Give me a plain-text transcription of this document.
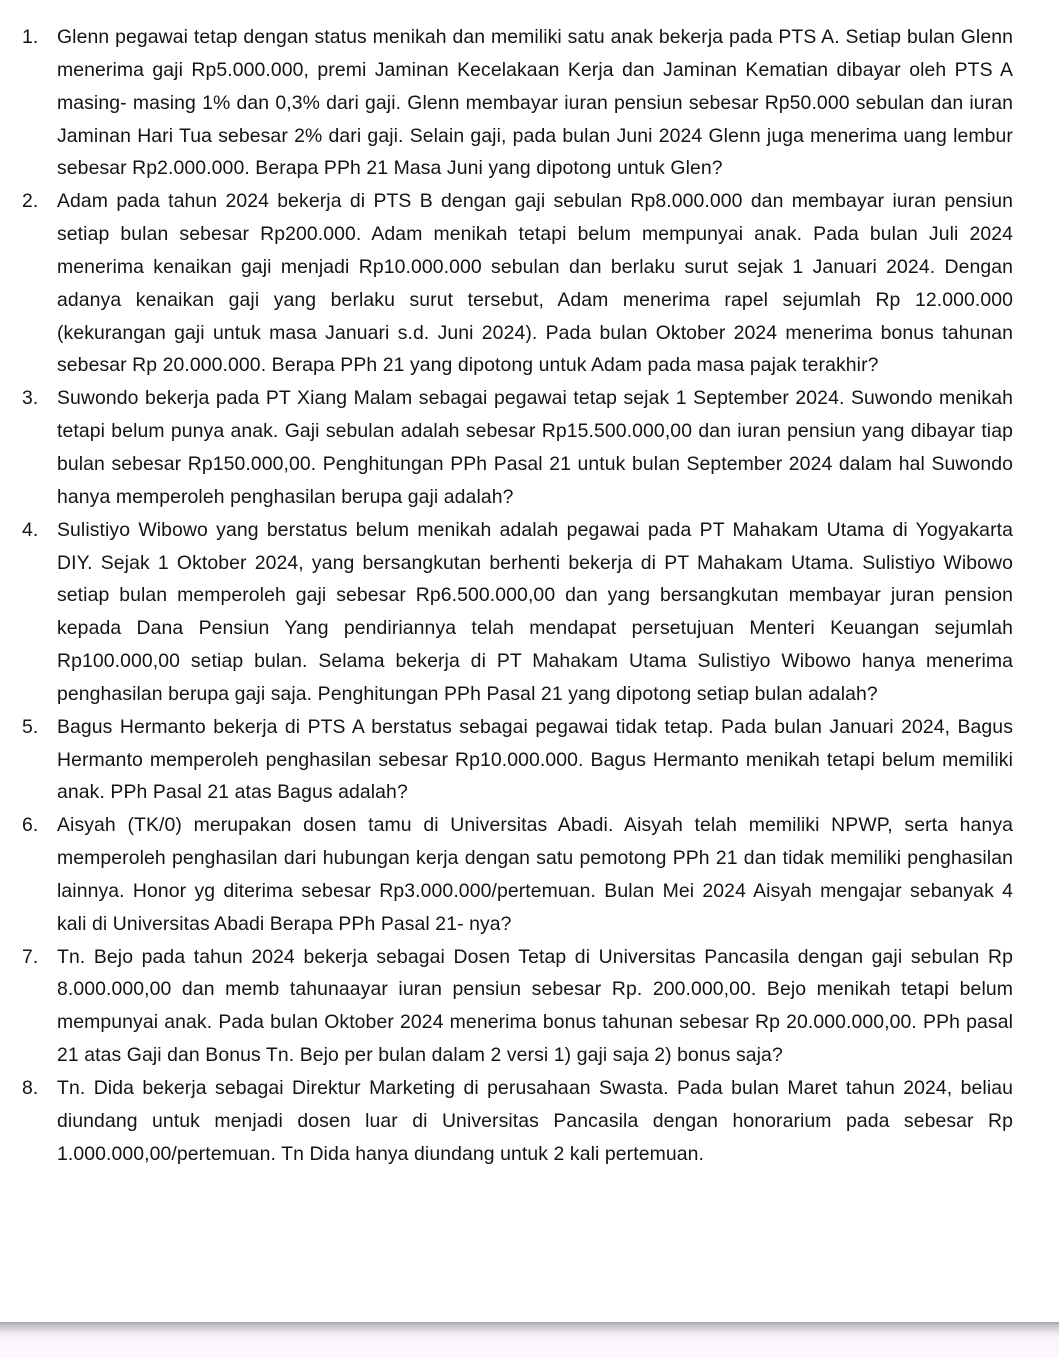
1. Glenn pegawai tetap dengan status menikah dan memiliki satu anak bekerja pada PTS A. Setiap bulan Glenn menerima gaji Rp5.000.000, premi Jaminan Kecelakaan Kerja dan Jaminan Kematian dibayar oleh PTS A masing- masing 1% dan 0,3% dari gaji. Glenn membayar iuran pensiun sebesar Rp50.000 sebulan dan iuran Jaminan Hari Tua sebesar 2% dari gaji. Selain gaji, pada bulan Juni 2024 Glenn juga menerima uang lembur sebesar Rp2.000.000. Berapa PPh 21 Masa Juni yang dipotong untuk Glen?
2. Adam pada tahun 2024 bekerja di PTS B dengan gaji sebulan Rp8.000.000 dan membayar iuran pensiun setiap bulan sebesar Rp200.000. Adam menikah tetapi belum mempunyai anak. Pada bulan Juli 2024 menerima kenaikan gaji menjadi Rp10.000.000 sebulan dan berlaku surut sejak 1 Januari 2024. Dengan adanya kenaikan gaji yang berlaku surut tersebut, Adam menerima rapel sejumlah Rp 12.000.000 (kekurangan gaji untuk masa Januari s.d. Juni 2024). Pada bulan Oktober 2024 menerima bonus tahunan sebesar Rp 20.000.000. Berapa PPh 21 yang dipotong untuk Adam pada masa pajak terakhir?
3. Suwondo bekerja pada PT Xiang Malam sebagai pegawai tetap sejak 1 September 2024. Suwondo menikah tetapi belum punya anak. Gaji sebulan adalah sebesar Rp15.500.000,00 dan iuran pensiun yang dibayar tiap bulan sebesar Rp150.000,00. Penghitungan PPh Pasal 21 untuk bulan September 2024 dalam hal Suwondo hanya memperoleh penghasilan berupa gaji adalah?
4. Sulistiyo Wibowo yang berstatus belum menikah adalah pegawai pada PT Mahakam Utama di Yogyakarta DIY. Sejak 1 Oktober 2024, yang bersangkutan berhenti bekerja di PT Mahakam Utama. Sulistiyo Wibowo setiap bulan memperoleh gaji sebesar Rp6.500.000,00 dan yang bersangkutan membayar juran pension kepada Dana Pensiun Yang pendiriannya telah mendapat persetujuan Menteri Keuangan sejumlah Rp100.000,00 setiap bulan. Selama bekerja di PT Mahakam Utama Sulistiyo Wibowo hanya menerima penghasilan berupa gaji saja. Penghitungan PPh Pasal 21 yang dipotong setiap bulan adalah?
5. Bagus Hermanto bekerja di PTS A berstatus sebagai pegawai tidak tetap. Pada bulan Januari 2024, Bagus Hermanto memperoleh penghasilan sebesar Rp10.000.000. Bagus Hermanto menikah tetapi belum memiliki anak. PPh Pasal 21 atas Bagus adalah?
6. Aisyah (TK/0) merupakan dosen tamu di Universitas Abadi. Aisyah telah memiliki NPWP, serta hanya memperoleh penghasilan dari hubungan kerja dengan satu pemotong PPh 21 dan tidak memiliki penghasilan lainnya. Honor yg diterima sebesar Rp3.000.000/pertemuan. Bulan Mei 2024 Aisyah mengajar sebanyak 4 kali di Universitas Abadi Berapa PPh Pasal 21- nya?
7. Tn. Bejo pada tahun 2024 bekerja sebagai Dosen Tetap di Universitas Pancasila dengan gaji sebulan Rp 8.000.000,00 dan memb tahunaayar iuran pensiun sebesar Rp. 200.000,00. Bejo menikah tetapi belum mempunyai anak. Pada bulan Oktober 2024 menerima bonus tahunan sebesar Rp 20.000.000,00. PPh pasal 21 atas Gaji dan Bonus Tn. Bejo per bulan dalam 2 versi 1) gaji saja 2) bonus saja?
8. Tn. Dida bekerja sebagai Direktur Marketing di perusahaan Swasta. Pada bulan Maret tahun 2024, beliau diundang untuk menjadi dosen luar di Universitas Pancasila dengan honorarium pada sebesar Rp 1.000.000,00/pertemuan. Tn Dida hanya diundang untuk 2 kali pertemuan.
